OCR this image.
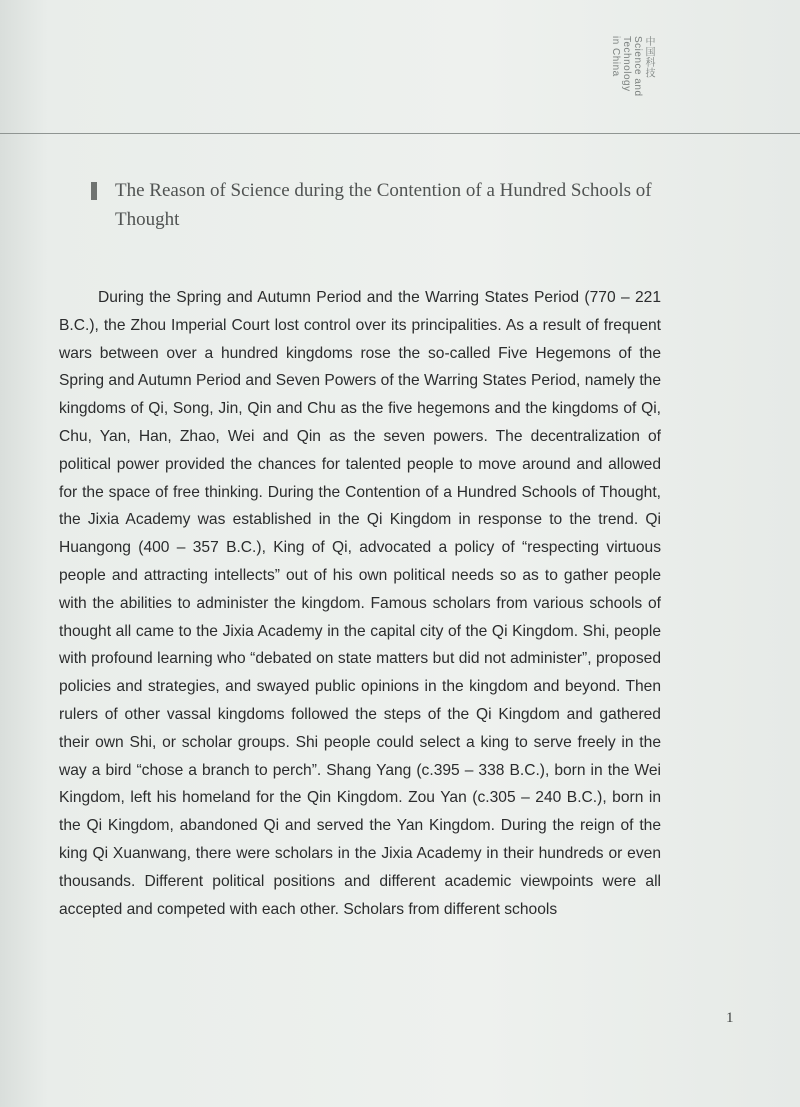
中国科技
Science and
Technology
in China
The Reason of Science during the Contention of a Hundred Schools of Thought

During the Spring and Autumn Period and the Warring States Period (770 – 221 B.C.), the Zhou Imperial Court lost control over its principalities. As a result of frequent wars between over a hundred kingdoms rose the so-called Five Hegemons of the Spring and Autumn Period and Seven Powers of the Warring States Period, namely the kingdoms of Qi, Song, Jin, Qin and Chu as the five hegemons and the kingdoms of Qi, Chu, Yan, Han, Zhao, Wei and Qin as the seven powers. The decentralization of political power provided the chances for talented people to move around and allowed for the space of free thinking. During the Contention of a Hundred Schools of Thought, the Jixia Academy was established in the Qi Kingdom in response to the trend. Qi Huangong (400 – 357 B.C.), King of Qi, advocated a policy of “respecting virtuous people and attracting intellects” out of his own political needs so as to gather people with the abilities to administer the kingdom. Famous scholars from various schools of thought all came to the Jixia Academy in the capital city of the Qi Kingdom. Shi, people with profound learning who “debated on state matters but did not administer”, proposed policies and strategies, and swayed public opinions in the kingdom and beyond. Then rulers of other vassal kingdoms followed the steps of the Qi Kingdom and gathered their own Shi, or scholar groups. Shi people could select a king to serve freely in the way a bird “chose a branch to perch”. Shang Yang (c.395 – 338 B.C.), born in the Wei Kingdom, left his homeland for the Qin Kingdom. Zou Yan (c.305 – 240 B.C.), born in the Qi Kingdom, abandoned Qi and served the Yan Kingdom. During the reign of the king Qi Xuanwang, there were scholars in the Jixia Academy in their hundreds or even thousands. Different political positions and different academic viewpoints were all accepted and competed with each other. Scholars from different schools

1
